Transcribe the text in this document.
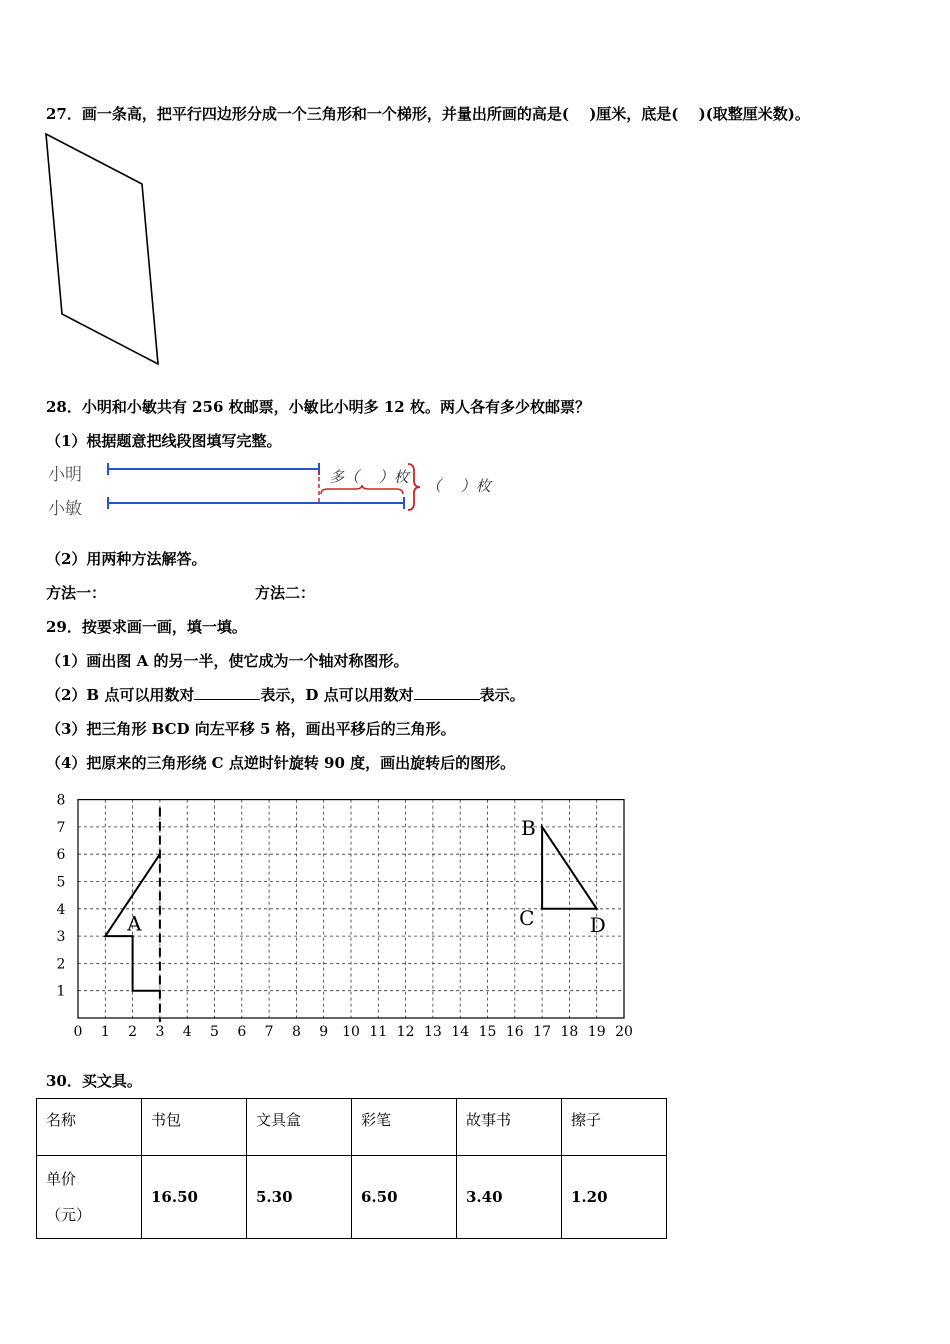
27．画一条高，把平行四边形分成一个三角形和一个梯形，并量出所画的高是(　 )厘米，底是(　 )(取整厘米数)。
28．小明和小敏共有 256 枚邮票，小敏比小明多 12 枚。两人各有多少枚邮票？
（1）根据题意把线段图填写完整。
小明
小敏
多（　 ）枚 （　 ）枚
（2）用两种方法解答。
方法一：	方法二：
29．按要求画一画，填一填。
（1）画出图 A 的另一半，使它成为一个轴对称图形。
（2）B 点可以用数对	表示，D 点可以用数对	表示。
（3）把三角形 BCD 向左平移 5 格，画出平移后的三角形。
（4）把原来的三角形绕 C 点逆时针旋转 90 度，画出旋转后的图形。
0 1 2 3 4 5 6 7 8 9 10 11 12 13 14 15 16 17 18 19 20
1
2
3
4
5
6
7
8
A
B
C	D
30．买文具。
名称	书包	文具盒	彩笔	故事书	擦子

单价
（元）	16.50	5.30	6.50	3.40	1.20
